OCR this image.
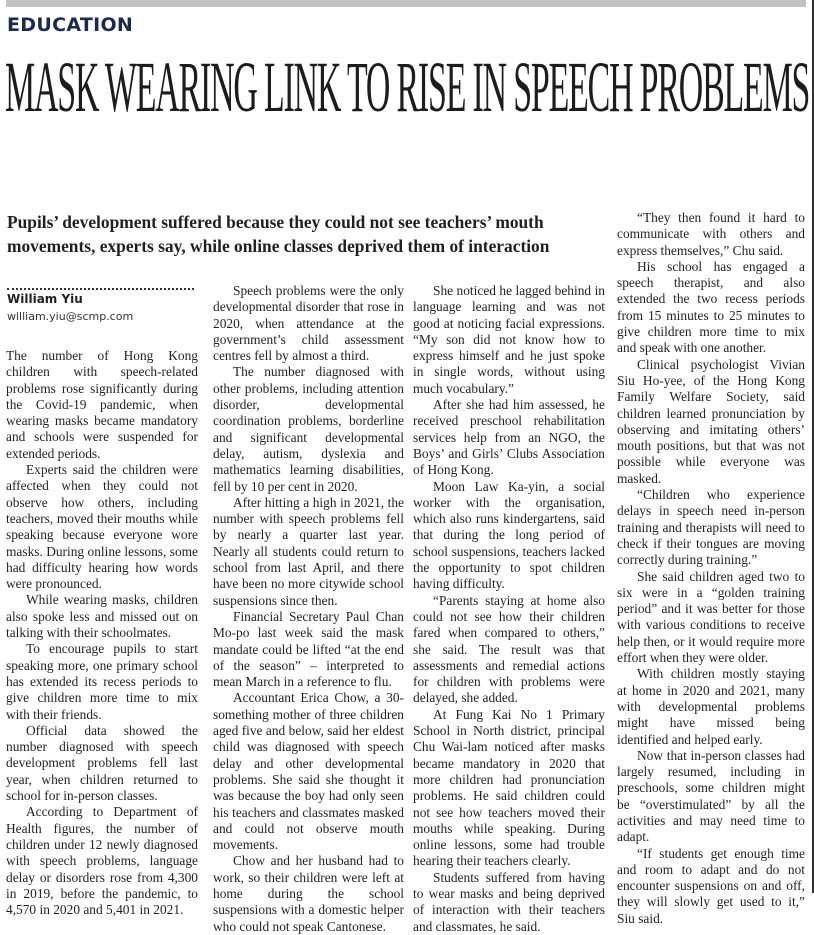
EDUCATION
MASK WEARING LINK TO RISE IN SPEECH PROBLEMS

Pupils’ development suffered because they could not see teachers’ mouth movements, experts say, while online classes deprived them of interaction

William Yiu
william.yiu@scmp.com

The number of Hong Kong children with speech-related problems rose significantly during the Covid-19 pandemic, when wearing masks became mandatory and schools were suspended for extended periods.

Experts said the children were affected when they could not observe how others, including teachers, moved their mouths while speaking because everyone wore masks. During online lessons, some had difficulty hearing how words were pronounced.

While wearing masks, children also spoke less and missed out on talking with their schoolmates.

To encourage pupils to start speaking more, one primary school has extended its recess periods to give children more time to mix with their friends.

Official data showed the number diagnosed with speech development problems fell last year, when children returned to school for in-person classes.

According to Department of Health figures, the number of children under 12 newly diagnosed with speech problems, language delay or disorders rose from 4,300 in 2019, before the pandemic, to 4,570 in 2020 and 5,401 in 2021.

Speech problems were the only developmental disorder that rose in 2020, when attendance at the government’s child assessment centres fell by almost a third.

The number diagnosed with other problems, including attention disorder, developmental coordination problems, borderline and significant developmental delay, autism, dyslexia and mathematics learning disabilities, fell by 10 per cent in 2020.

After hitting a high in 2021, the number with speech problems fell by nearly a quarter last year. Nearly all students could return to school from last April, and there have been no more citywide school suspensions since then.

Financial Secretary Paul Chan Mo-po last week said the mask mandate could be lifted “at the end of the season” – interpreted to mean March in a reference to flu.

Accountant Erica Chow, a 30-something mother of three children aged five and below, said her eldest child was diagnosed with speech delay and other developmental problems. She said she thought it was because the boy had only seen his teachers and classmates masked and could not observe mouth movements.

Chow and her husband had to work, so their children were left at home during the school suspensions with a domestic helper who could not speak Cantonese.

She noticed he lagged behind in language learning and was not good at noticing facial expressions. “My son did not know how to express himself and he just spoke in single words, without using much vocabulary.”

After she had him assessed, he received preschool rehabilitation services help from an NGO, the Boys’ and Girls’ Clubs Association of Hong Kong.

Moon Law Ka-yin, a social worker with the organisation, which also runs kindergartens, said that during the long period of school suspensions, teachers lacked the opportunity to spot children having difficulty.

“Parents staying at home also could not see how their children fared when compared to others,” she said. The result was that assessments and remedial actions for children with problems were delayed, she added.

At Fung Kai No 1 Primary School in North district, principal Chu Wai-lam noticed after masks became mandatory in 2020 that more children had pronunciation problems. He said children could not see how teachers moved their mouths while speaking. During online lessons, some had trouble hearing their teachers clearly.

Students suffered from having to wear masks and being deprived of interaction with their teachers and classmates, he said.

“They then found it hard to communicate with others and express themselves,” Chu said.

His school has engaged a speech therapist, and also extended the two recess periods from 15 minutes to 25 minutes to give children more time to mix and speak with one another.

Clinical psychologist Vivian Siu Ho-yee, of the Hong Kong Family Welfare Society, said children learned pronunciation by observing and imitating others’ mouth positions, but that was not possible while everyone was masked.

“Children who experience delays in speech need in-person training and therapists will need to check if their tongues are moving correctly during training.”

She said children aged two to six were in a “golden training period” and it was better for those with various conditions to receive help then, or it would require more effort when they were older.

With children mostly staying at home in 2020 and 2021, many with developmental problems might have missed being identified and helped early.

Now that in-person classes had largely resumed, including in preschools, some children might be “overstimulated” by all the activities and may need time to adapt.

“If students get enough time and room to adapt and do not encounter suspensions on and off, they will slowly get used to it,” Siu said.
